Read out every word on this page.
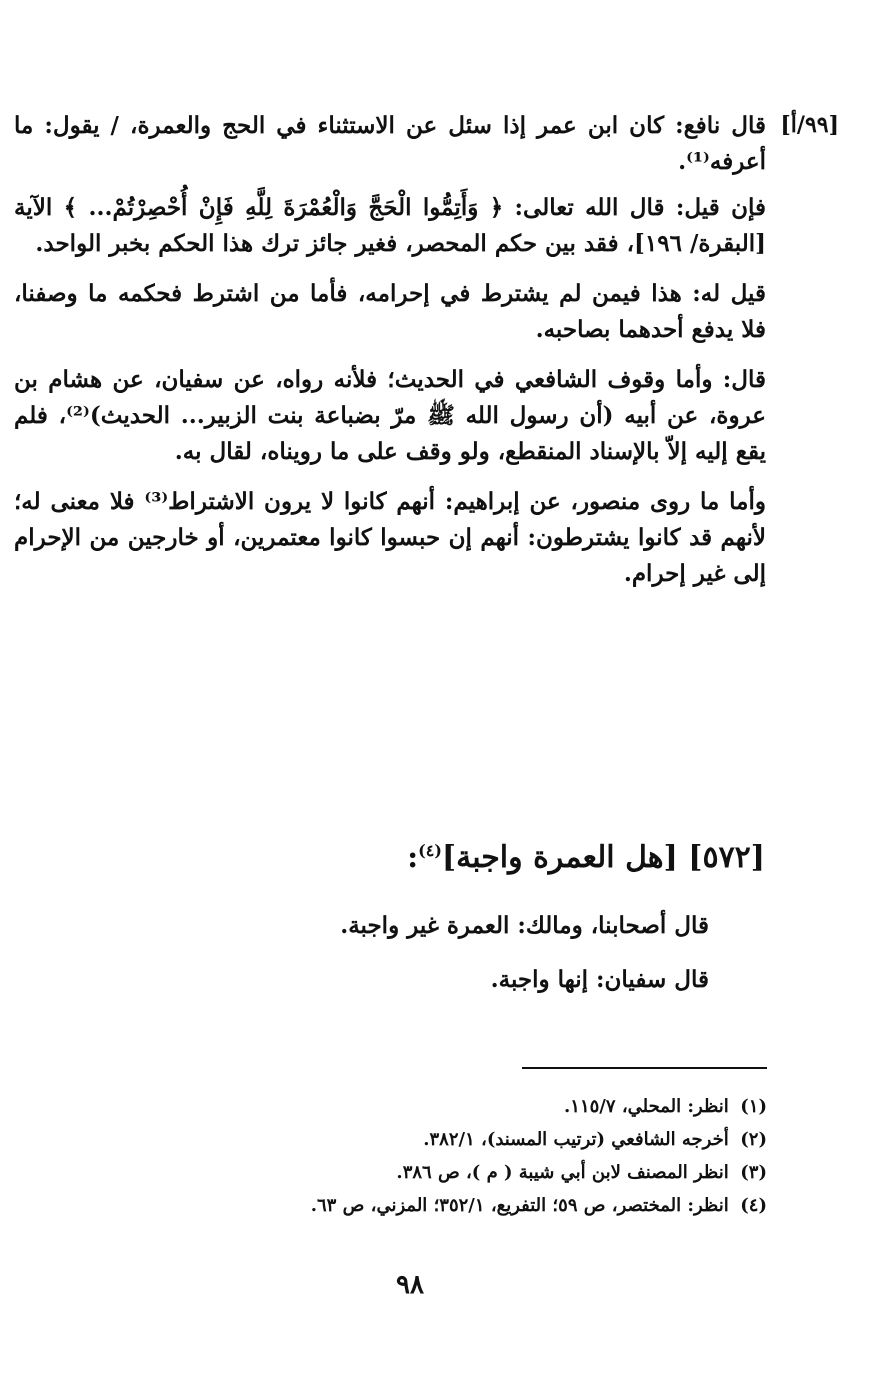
[٩٩/أ]

قال نافع: كان ابن عمر إذا سئل عن الاستثناء في الحج والعمرة، / يقول: ما أعرفه⁽¹⁾.

فإن قيل: قال الله تعالى: ﴿ وَأَتِمُّوا الْحَجَّ وَالْعُمْرَةَ لِلَّهِ فَإِنْ أُحْصِرْتُمْ... ﴾ الآية [البقرة/ ١٩٦]، فقد بين حكم المحصر، فغير جائز ترك هذا الحكم بخبر الواحد.

قيل له: هذا فيمن لم يشترط في إحرامه، فأما من اشترط فحكمه ما وصفنا، فلا يدفع أحدهما بصاحبه.

قال: وأما وقوف الشافعي في الحديث؛ فلأنه رواه، عن سفيان، عن هشام بن عروة، عن أبيه (أن رسول الله ﷺ مرّ بضباعة بنت الزبير... الحديث)⁽²⁾، فلم يقع إليه إلاّ بالإسناد المنقطع، ولو وقف على ما رويناه، لقال به.

وأما ما روى منصور، عن إبراهيم: أنهم كانوا لا يرون الاشتراط⁽³⁾ فلا معنى له؛ لأنهم قد كانوا يشترطون: أنهم إن حبسوا كانوا معتمرين، أو خارجين من الإحرام إلى غير إحرام.

[٥٧٢] [هل العمرة واجبة]$^{(٤)}$:
قال أصحابنا، ومالك: العمرة غير واجبة.
قال سفيان: إنها واجبة.
(١) انظر: المحلي، ١١٥/٧.
(٢) أخرجه الشافعي (ترتيب المسند)، ٣٨٢/١.
(٣) انظر المصنف لابن أبي شيبة ( م )، ص ٣٨٦.
(٤) انظر: المختصر، ص ٥٩؛ التفريع، ٣٥٢/١؛ المزني، ص ٦٣.
٩٨
